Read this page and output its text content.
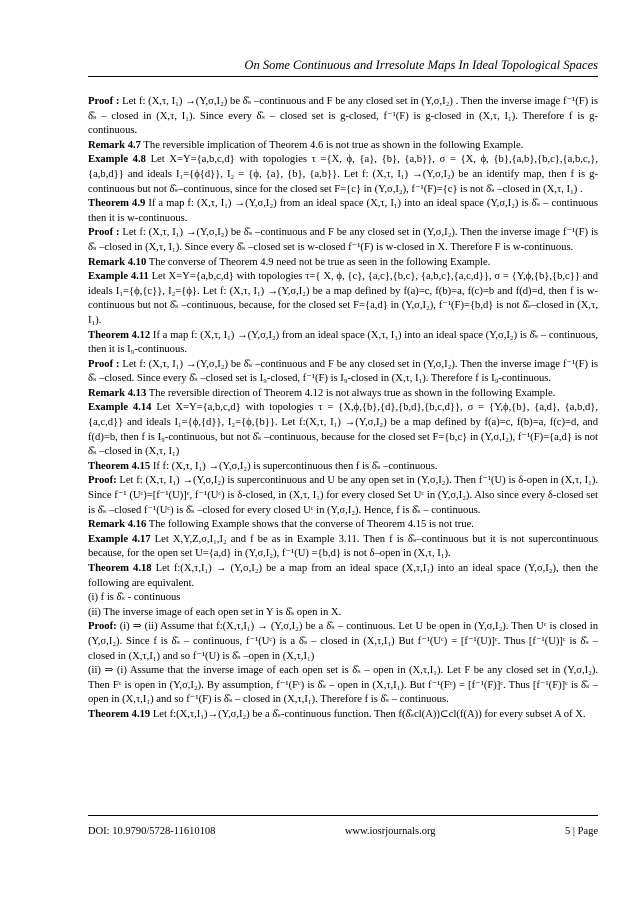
On Some Continuous and Irresolute Maps In Ideal Topological Spaces

Proof : Let f: (X,τ, I₁) →(Y,σ,I₂) be δ̂ₛ –continuous and F be any closed set in (Y,σ,I₂) . Then the inverse image f⁻¹(F) is δ̂ₛ – closed in (X,τ, I₁). Since every δ̂ₛ – closed set is g-closed, f⁻¹(F) is g-closed in (X,τ, I₁). Therefore f is g-continuous.

Remark 4.7 The reversible implication of Theorem 4.6 is not true as shown in the following Example.

Example 4.8 Let X=Y={a,b,c,d} with topologies τ ={X, ϕ, {a}, {b}, {a,b}}, σ = {X, ϕ, {b},{a,b},{b,c},{a,b,c,},{a,b,d}} and ideals I₁={ϕ{d}}, I₂ = {ϕ, {a}, {b}, {a,b}}. Let f: (X,τ, I₁) →(Y,σ,I₂) be an identify map, then f is g- continuous but not δ̂ₛ–continuous, since for the closed set F={c} in (Y,σ,I₂), f⁻¹(F)={c} is not δ̂ₛ –closed in (X,τ, I₁) .

Theorem 4.9 If a map f: (X,τ, I₁) →(Y,σ,I₂) from an ideal space (X,τ, I₁) into an ideal space (Y,σ,I₂) is δ̂ₛ – continuous then it is w-continuous.

Proof : Let f: (X,τ, I₁) →(Y,σ,I₂) be δ̂ₛ –continuous and F be any closed set in (Y,σ,I₂). Then the inverse image f⁻¹(F) is δ̂ₛ –closed in (X,τ, I₁). Since every δ̂ₛ –closed set is w-closed f⁻¹(F) is w-closed in X. Therefore F is w-continuous.

Remark 4.10 The converse of Theorem 4.9 need not be true as seen in the following Example.

Example 4.11 Let X=Y={a,b,c,d} with topologies τ={ X, ϕ, {c}, {a,c},{b,c}, {a,b,c},{a,c,d}}, σ = {Y,ϕ,{b},{b,c}} and ideals I₁={ϕ,{c}}, I₂={ϕ}. Let f: (X,τ, I₁) →(Y,σ,I₂) be a map defined by f(a)=c, f(b)=a, f(c)=b and f(d)=d, then f is w-continuous but not δ̂ₛ –continuous, because, for the closed set F={a,d} in (Y,σ,I₂), f⁻¹(F)={b,d} is not δ̂ₛ–closed in (X,τ, I₁).

Theorem 4.12 If a map f: (X,τ, I₁) →(Y,σ,I₂) from an ideal space (X,τ, I₁) into an ideal space (Y,σ,I₂) is δ̂ₛ – continuous, then it is I₉-continuous.

Proof : Let f: (X,τ, I₁) →(Y,σ,I₂) be δ̂ₛ –continuous and F be any closed set in (Y,σ,I₂). Then the inverse image f⁻¹(F) is δ̂ₛ –closed. Since every δ̂ₛ –closed set is I₉-closed, f⁻¹(F) is I₉-closed in (X,τ, I₁). Therefore f is I₉-continuous.

Remark 4.13 The reversible direction of Theorem 4.12 is not always true as shown in the following Example.

Example 4.14 Let X=Y={a,b,c,d} with topologies τ = {X,ϕ,{b},{d},{b,d},{b,c,d}}, σ = {Y,ϕ,{b}, {a,d}, {a,b,d},{a,c,d}} and ideals I₁={ϕ,{d}}, I₂={ϕ,{b}}. Let f:(X,τ, I₁) →(Y,σ,I₂) be a map defined by f(a)=c, f(b)=a, f(c)=d, and f(d)=b, then f is I₉-continuous, but not δ̂ₛ –continuous, because for the closed set F={b,c} in (Y,σ,I₂), f⁻¹(F)={a,d} is not δ̂ₛ –closed in (X,τ, I₁)

Theorem 4.15 If f: (X,τ, I₁) →(Y,σ,I₂) is supercontinuous then f is δ̂ₛ –continuous.

Proof: Let f: (X,τ, I₁) →(Y,σ,I₂) is supercontinuous and U be any open set in (Y,σ,I₂). Then f⁻¹(U) is δ-open in (X,τ, I₁). Since f⁻¹ (Uᶜ)=[f⁻¹(U)]ᶜ, f⁻¹(Uᶜ) is δ-closed, in (X,τ, I₁) for every closed Set Uᶜ in (Y,σ,I₂). Also since every δ-closed set is δ̂ₛ –closed f⁻¹(Uᶜ) is δ̂ₛ –closed for every closed Uᶜ in (Y,σ,I₂). Hence, f is δ̂ₛ – continuous.

Remark 4.16 The following Example shows that the converse of Theorem 4.15 is not true.

Example 4.17 Let X,Y,Z,σ,I₁,I₂ and f be as in Example 3.11. Then f is δ̂ₛ–continuous but it is not supercontinuous because, for the open set U={a,d} in (Y,σ,I₂), f⁻¹(U) ={b,d} is not δ–open in (X,τ, I₁).

Theorem 4.18 Let f:(X,τ,I₁) → (Y,σ,I₂) be a map from an ideal space (X,τ,I₁) into an ideal space (Y,σ,I₂), then the following are equivalent.

(i) f is δ̂ₛ - continuous

(ii) The inverse image of each open set in Y is δ̂ₛ open in X.

Proof: (i) ⇒ (ii) Assume that f:(X,τ,I₁) → (Y,σ,I₂) be a δ̂ₛ – continuous. Let U be open in (Y,σ,I₂). Then Uᶜ is closed in (Y,σ,I₂). Since f is δ̂ₛ – continuous, f⁻¹(Uᶜ) is a δ̂ₛ – closed in (X,τ,I₁) But f⁻¹(Uᶜ) = [f⁻¹(U)]ᶜ. Thus [f⁻¹(U)]ᶜ is δ̂ₛ –closed in (X,τ,I₁) and so f⁻¹(U) is δ̂ₛ –open in (X,τ,I₁)

(ii) ⇒ (i) Assume that the inverse image of each open set is δ̂ₛ – open in (X,τ,I₁). Let F be any closed set in (Y,σ,I₂). Then Fᶜ is open in (Y,σ,I₂). By assumption, f⁻¹(Fᶜ) is δ̂ₛ – open in (X,τ,I₁). But f⁻¹(Fᶜ) = [f⁻¹(F)]ᶜ. Thus [f⁻¹(F)]ᶜ is δ̂ₛ – open in (X,τ,I₁) and so f⁻¹(F) is δ̂ₛ – closed in (X,τ,I₁). Therefore f is δ̂ₛ – continuous.

Theorem 4.19 Let f:(X,τ,I₁)→(Y,σ,I₂) be a δ̂ₛ-continuous function. Then f(δ̂ₛcl(A))⊂cl(f(A)) for every subset A of X.

DOI: 10.9790/5728-11610108	www.iosrjournals.org	5 | Page
